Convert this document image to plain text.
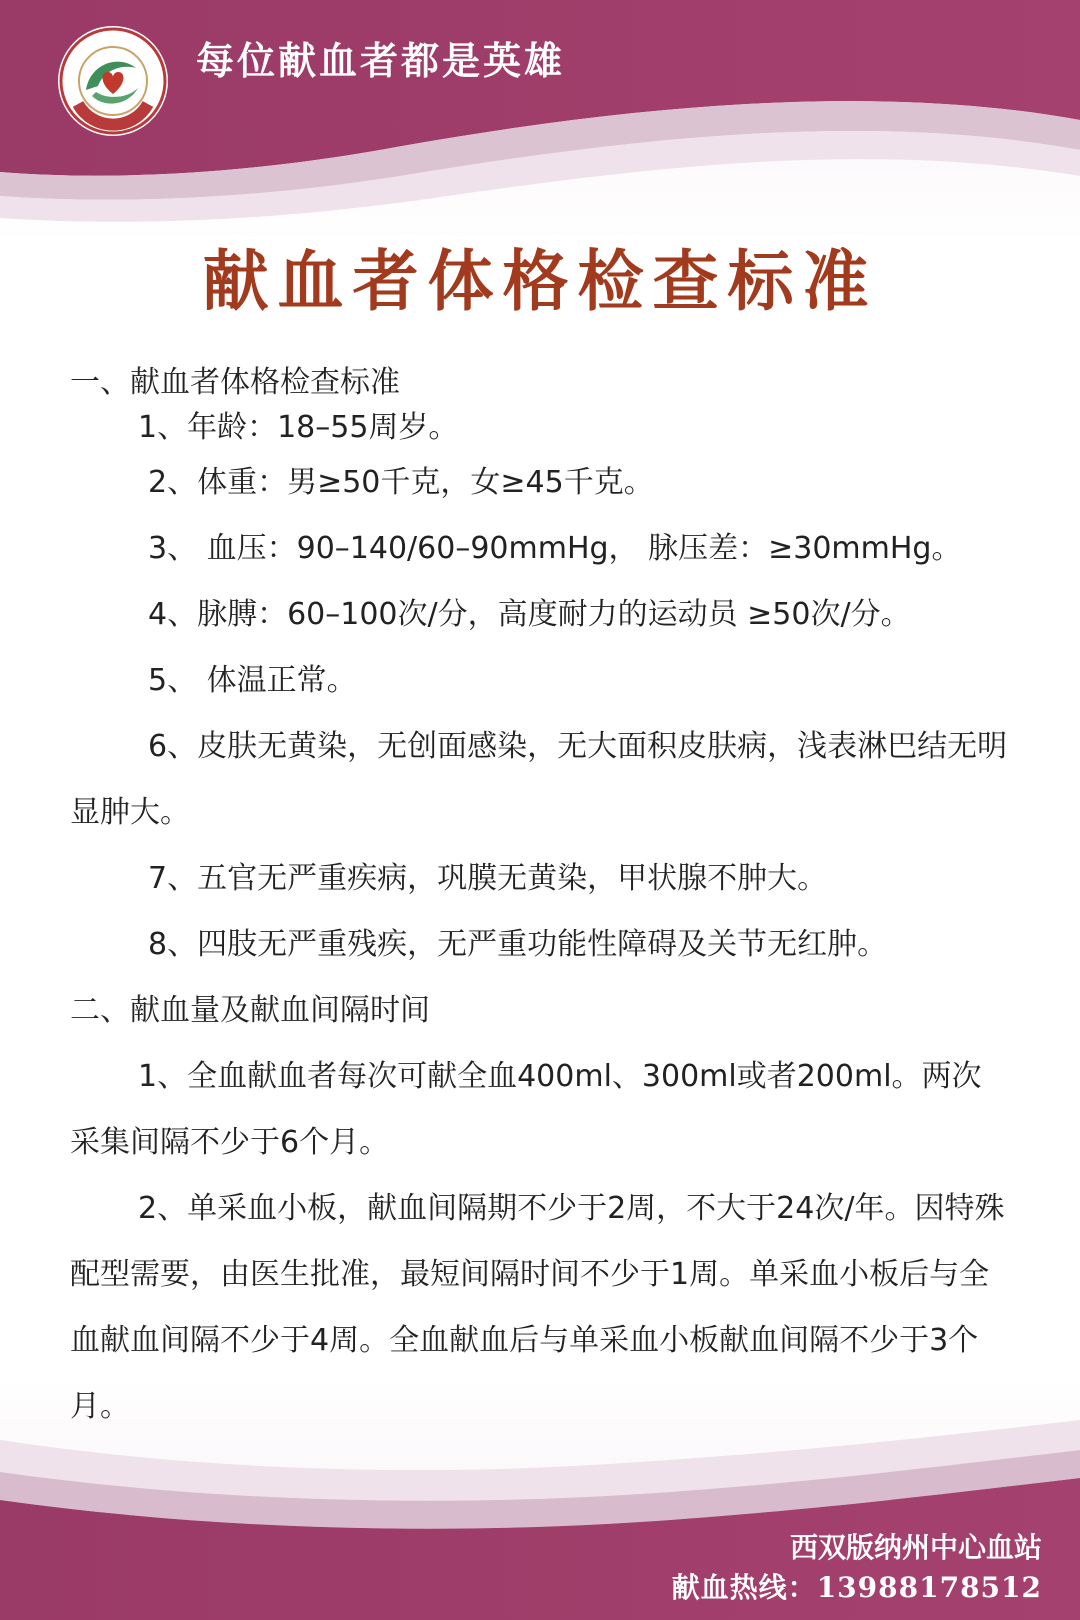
每位献血者都是英雄
献血者体格检查标准

一、献血者体格检查标准

1、年龄：18–55周岁。

2、体重：男≥50千克，女≥45千克。

3、 血压：90–140/60–90mmHg， 脉压差：≥30mmHg。

4、脉膊：60–100次/分，高度耐力的运动员 ≥50次/分。

5、 体温正常。

6、皮肤无黄染，无创面感染，无大面积皮肤病，浅表淋巴结无明显肿大。

7、五官无严重疾病，巩膜无黄染，甲状腺不肿大。

8、四肢无严重残疾，无严重功能性障碍及关节无红肿。

二、献血量及献血间隔时间

1、全血献血者每次可献全血400ml、300ml或者200ml。两次采集间隔不少于6个月。

2、单采血小板，献血间隔期不少于2周，不大于24次/年。因特殊配型需要，由医生批准，最短间隔时间不少于1周。单采血小板后与全血献血间隔不少于4周。全血献血后与单采血小板献血间隔不少于3个月。

西双版纳州中心血站
献血热线：13988178512
